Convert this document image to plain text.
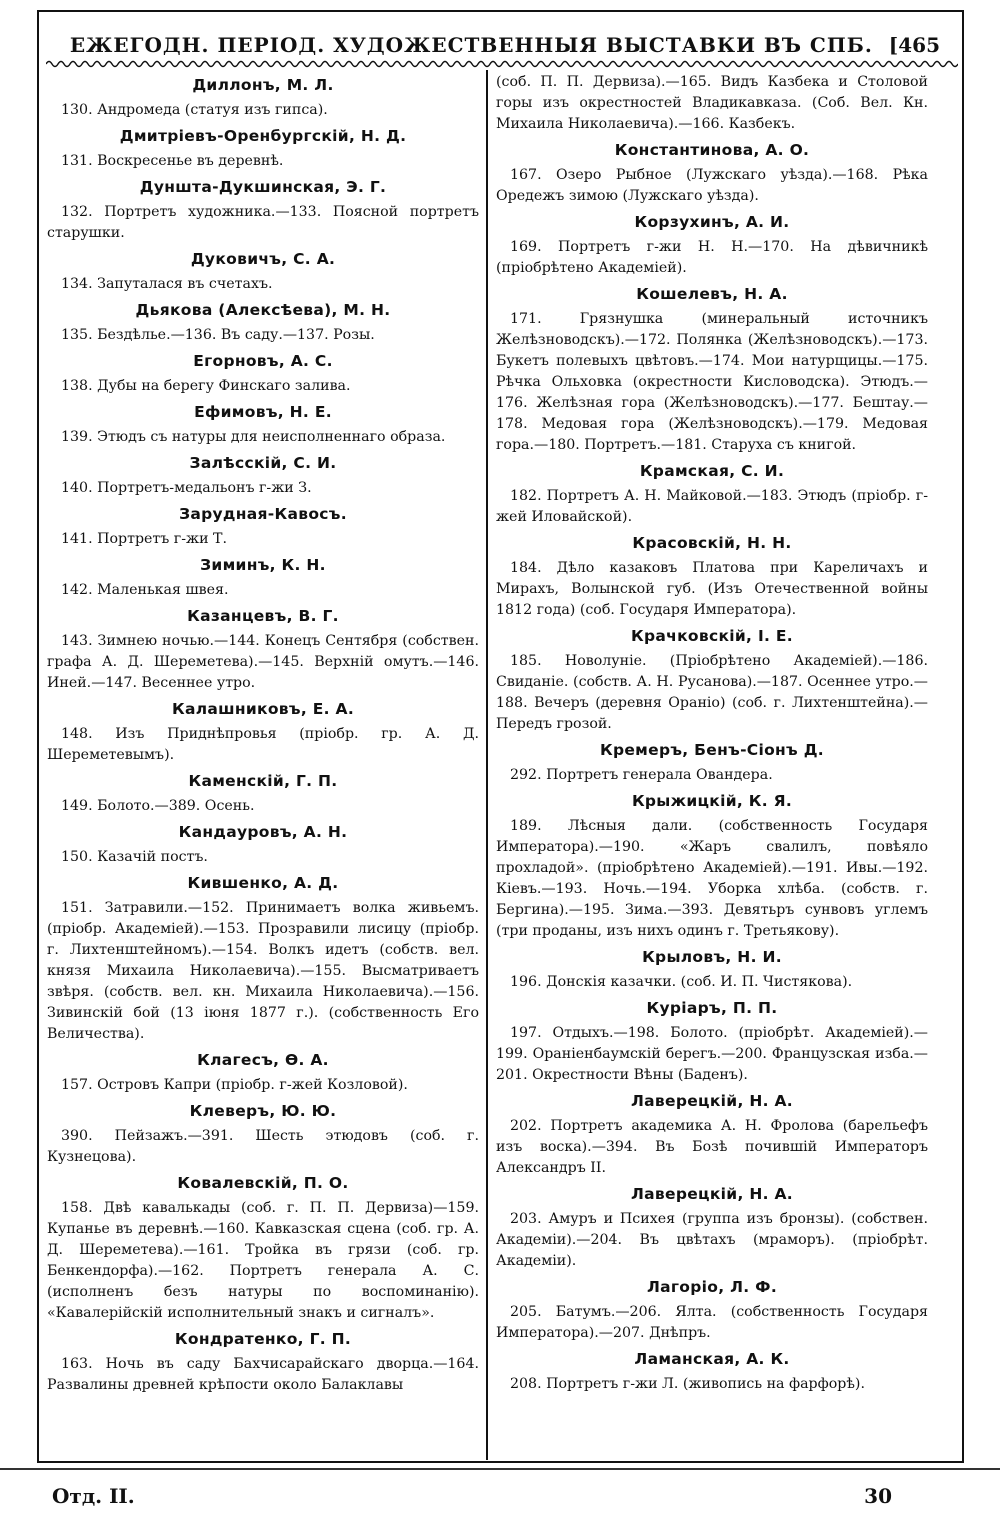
ЕЖЕГОДН. ПЕРІОД. ХУДОЖЕСТВЕННЫЯ ВЫСТАВКИ ВЪ СПБ. [465
Диллонъ, М. Л.

130. Андромеда (статуя изъ гипса).

Дмитріевъ-Оренбургскій, Н. Д.

131. Воскресенье въ деревнѣ.

Дунштa-Дукшинская, Э. Г.

132. Портретъ художника.—133. Поясной портретъ старушки.

Дуковичъ, С. А.

134. Запуталася въ счетахъ.

Дьякова (Алексѣева), М. Н.

135. Бездѣлье.—136. Въ саду.—137. Розы.

Егорновъ, А. С.

138. Дубы на берегу Финскаго залива.

Ефимовъ, Н. Е.

139. Этюдъ съ натуры для неисполненнаго образа.

Залѣсскій, С. И.

140. Портретъ-медальонъ г-жи З.

Зарудная-Кавосъ.

141. Портретъ г-жи Т.

Зиминъ, К. Н.

142. Маленькая швея.

Казанцевъ, В. Г.

143. Зимнею ночью.—144. Конецъ Сентября (собствен. графа А. Д. Шереметева).—145. Верхній омутъ.—146. Иней.—147. Весеннее утро.

Калашниковъ, Е. А.

148. Изъ Приднѣпровья (пріобр. гр. А. Д. Шереметевымъ).

Каменскій, Г. П.

149. Болото.—389. Осень.

Кандауровъ, А. Н.

150. Казачій постъ.

Кившенко, А. Д.

151. Затравили.—152. Принимаетъ волка живьемъ. (пріобр. Академіей).—153. Прозравили лисицу (пріобр. г. Лихтенштейномъ).—154. Волкъ идетъ (собств. вел. князя Михаила Николаевича).—155. Высматриваетъ звѣря. (собств. вел. кн. Михаила Николаевича).—156. Зивинскій бой (13 іюня 1877 г.). (собственность Его Величества).

Клагесъ, Ѳ. А.

157. Островъ Капри (пріобр. г-жей Козловой).

Клеверъ, Ю. Ю.

390. Пейзажъ.—391. Шесть этюдовъ (соб. г. Кузнецова).

Ковалевскій, П. О.

158. Двѣ кавалькады (соб. г. П. П. Дервиза)—159. Купанье въ деревнѣ.—160. Кавказская сцена (соб. гр. А. Д. Шереметева).—161. Тройка въ грязи (соб. гр. Бенкендорфа).—162. Портретъ генерала А. С. (исполненъ безъ натуры по воспоминанію). «Кавалерійскій исполнительный знакъ и сигналъ».

Кондратенко, Г. П.

163. Ночь въ саду Бахчисарайскаго дворца.—164. Развалины древней крѣпости около Балаклавы

(соб. П. П. Дервиза).—165. Видъ Казбека и Столовой горы изъ окрестностей Владикавказа. (Соб. Вел. Кн. Михаила Николаевича).—166. Казбекъ.

Константинова, А. О.

167. Озеро Рыбное (Лужскаго уѣзда).—168. Рѣка Оредежъ зимою (Лужскаго уѣзда).

Корзухинъ, А. И.

169. Портретъ г-жи Н. Н.—170. На дѣвичникѣ (пріобрѣтено Академіей).

Кошелевъ, Н. А.

171. Грязнушка (минеральный источникъ Желѣзноводскъ).—172. Полянка (Желѣзноводскъ).—173. Букетъ полевыхъ цвѣтовъ.—174. Мои натурщицы.—175. Рѣчка Ольховка (окрестности Кисловодска). Этюдъ.—176. Желѣзная гора (Желѣзноводскъ).—177. Бештау.—178. Медовая гора (Желѣзноводскъ).—179. Медовая гора.—180. Портретъ.—181. Старуха съ книгой.

Крамская, С. И.

182. Портретъ А. Н. Майковой.—183. Этюдъ (пріобр. г-жей Иловайской).

Красовскій, Н. Н.

184. Дѣло казаковъ Платова при Кареличахъ и Мирахъ, Волынской губ. (Изъ Отечественной войны 1812 года) (соб. Государя Императора).

Крачковскій, І. Е.

185. Новолуніе. (Пріобрѣтено Академіей).—186. Свиданіе. (собств. А. Н. Русанова).—187. Осеннее утро.—188. Вечеръ (деревня Ораніо) (соб. г. Лихтенштейна).—Передъ грозой.

Кремеръ, Бенъ-Сіонъ Д.

292. Портретъ генерала Овандера.

Крыжицкій, К. Я.

189. Лѣсныя дали. (собственность Государя Императора).—190. «Жаръ свалилъ, повѣяло прохладой». (пріобрѣтено Академіей).—191. Ивы.—192. Кіевъ.—193. Ночь.—194. Уборка хлѣба. (собств. г. Бергина).—195. Зима.—393. Девятьръ сунвовъ углемъ (три проданы, изъ нихъ одинъ г. Третьякову).

Крыловъ, Н. И.

196. Донскія казачки. (соб. И. П. Чистякова).

Куріаръ, П. П.

197. Отдыхъ.—198. Болото. (пріобрѣт. Академіей).—199. Ораніенбаумскій берегъ.—200. Французская изба.—201. Окрестности Вѣны (Баденъ).

Лаверецкій, Н. А.

202. Портретъ академика А. Н. Фролова (барельефъ изъ воска).—394. Въ Бозѣ почившій Императоръ Александръ II.

Лаверецкій, Н. А.

203. Амуръ и Психея (группа изъ бронзы). (собствен. Академіи).—204. Въ цвѣтахъ (мраморъ). (пріобрѣт. Академіи).

Лагоріо, Л. Ф.

205. Батумъ.—206. Ялта. (собственность Государя Императора).—207. Днѣпръ.

Ламанская, А. К.

208. Портретъ г-жи Л. (живопись на фарфорѣ).

Отд. II.	30
